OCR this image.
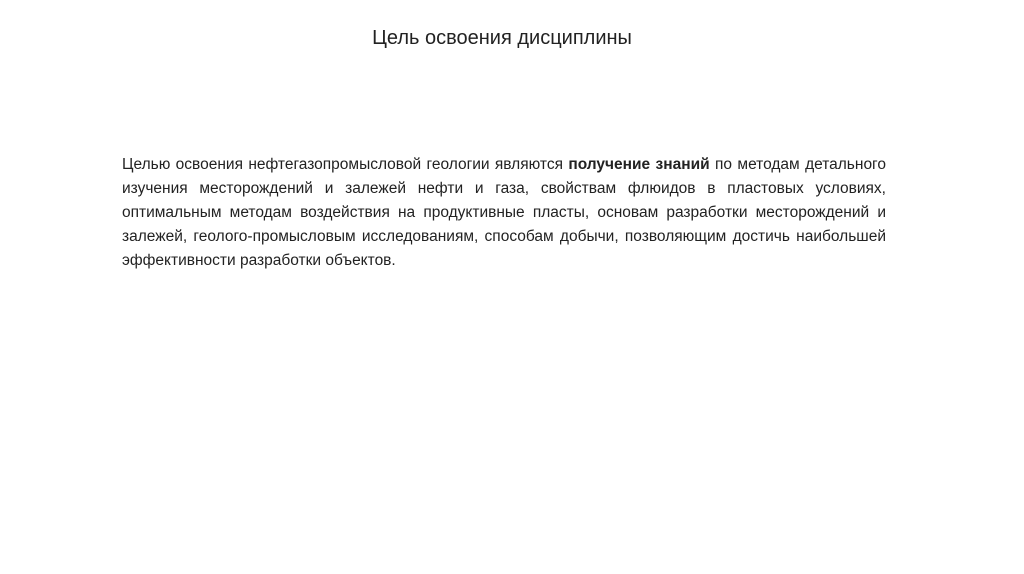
Цель освоения дисциплины
Целью освоения нефтегазопромысловой геологии являются получение знаний по методам детального изучения месторождений и залежей нефти и газа, свойствам флюидов в пластовых условиях, оптимальным методам воздействия на продуктивные пласты, основам разработки месторождений и залежей, геолого-промысловым исследованиям, способам добычи, позволяющим достичь наибольшей эффективности разработки объектов.
